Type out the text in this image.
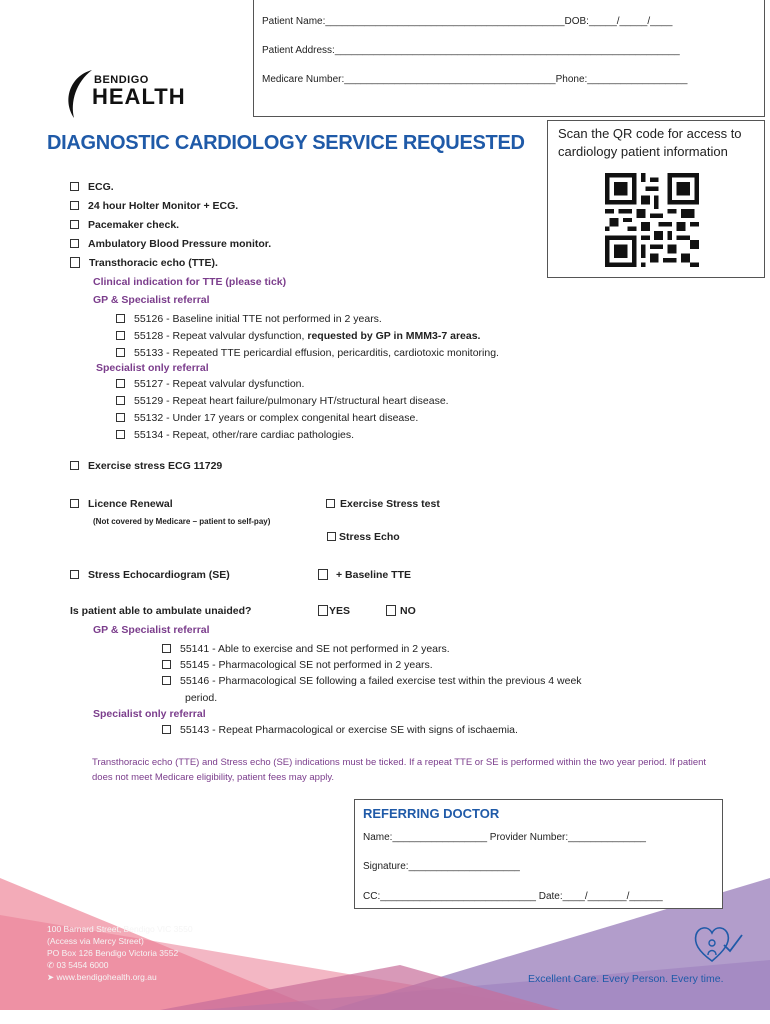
Patient Name:___________________________________________DOB:_____/_____/____
Patient Address:______________________________________________________________
Medicare Number:______________________________________Phone:__________________
BENDIGO
HEALTH
DIAGNOSTIC CARDIOLOGY SERVICE REQUESTED	Scan the QR code for access to cardiology patient information
ECG.
24 hour Holter Monitor + ECG.
Pacemaker check.
Ambulatory Blood Pressure monitor.
Transthoracic echo (TTE).
Clinical indication for TTE (please tick)
GP & Specialist referral
55126 - Baseline initial TTE not performed in 2 years.
55128 - Repeat valvular dysfunction, requested by GP in MMM3-7 areas.
55133 - Repeated TTE pericardial effusion, pericarditis, cardiotoxic monitoring.
Specialist only referral
55127 - Repeat valvular dysfunction.
55129 - Repeat heart failure/pulmonary HT/structural heart disease.
55132 - Under 17 years or complex congenital heart disease.
55134 - Repeat, other/rare cardiac pathologies.
Exercise stress ECG 11729
Licence Renewal
(Not covered by Medicare – patient to self-pay)
Exercise Stress test
Stress Echo
Stress Echocardiogram (SE)	+ Baseline TTE
Is patient able to ambulate unaided?	YES	NO
GP & Specialist referral
55141 - Able to exercise and SE not performed in 2 years.
55145 - Pharmacological SE not performed in 2 years.
55146 - Pharmacological SE following a failed exercise test within the previous 4 week
period.
Specialist only referral
55143 - Repeat Pharmacological or exercise SE with signs of ischaemia.
Transthoracic echo (TTE) and Stress echo (SE) indications must be ticked. If a repeat TTE or SE is performed within the two year period. If patient does not meet Medicare eligibility, patient fees may apply.
REFERRING DOCTOR
Name:_________________ Provider Number:______________
Signature:____________________
CC:____________________________ Date:____/_______/______
100 Barnard Street, Bendigo VIC 3550
(Access via Mercy Street)
PO Box 126 Bendigo Victoria 3552
✆ 03 5454 6000
➤ www.bendigohealth.org.au	Excellent Care. Every Person. Every time.
